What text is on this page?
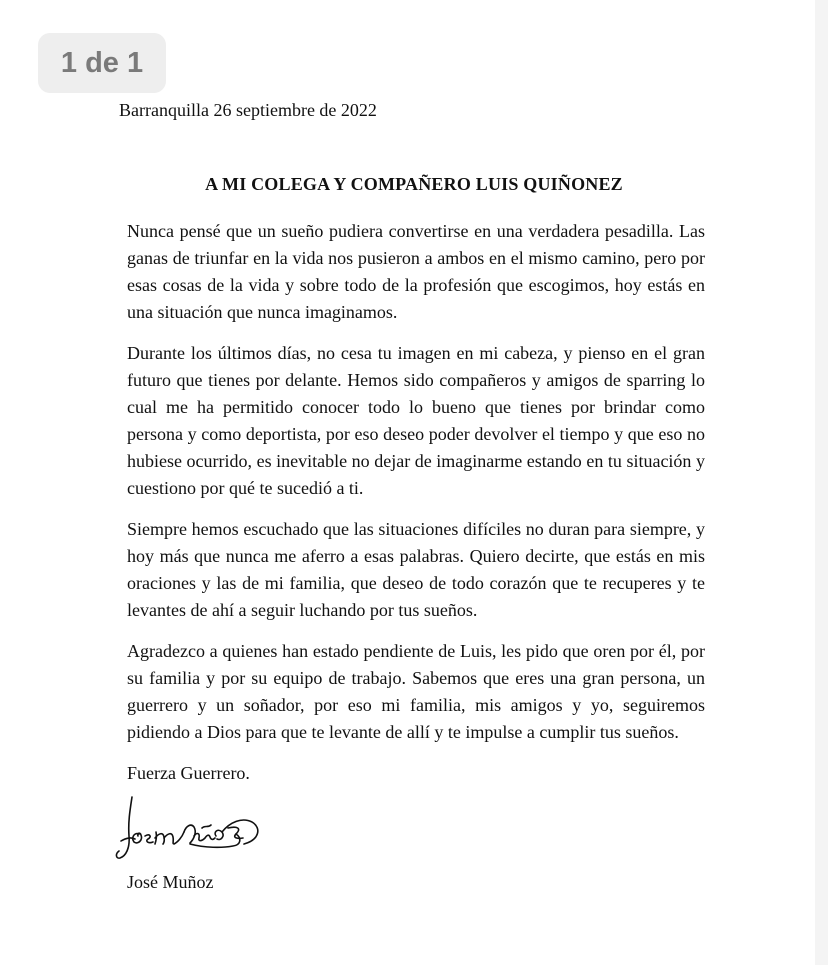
1 de 1
Barranquilla 26 septiembre de 2022
A MI COLEGA Y COMPAÑERO LUIS QUIÑONEZ

Nunca pensé que un sueño pudiera convertirse en una verdadera pesadilla. Las ganas de triunfar en la vida nos pusieron a ambos en el mismo camino, pero por esas cosas de la vida y sobre todo de la profesión que escogimos, hoy estás en una situación que nunca imaginamos.

Durante los últimos días, no cesa tu imagen en mi cabeza, y pienso en el gran futuro que tienes por delante. Hemos sido compañeros y amigos de sparring lo cual me ha permitido conocer todo lo bueno que tienes por brindar como persona y como deportista, por eso deseo poder devolver el tiempo y que eso no hubiese ocurrido, es inevitable no dejar de imaginarme estando en tu situación y cuestiono por qué te sucedió a ti.

Siempre hemos escuchado que las situaciones difíciles no duran para siempre, y hoy más que nunca me aferro a esas palabras. Quiero decirte, que estás en mis oraciones y las de mi familia, que deseo de todo corazón que te recuperes y te levantes de ahí a seguir luchando por tus sueños.

Agradezco a quienes han estado pendiente de Luis, les pido que oren por él, por su familia y por su equipo de trabajo. Sabemos que eres una gran persona, un guerrero y un soñador, por eso mi familia, mis amigos y yo, seguiremos pidiendo a Dios para que te levante de allí y te impulse a cumplir tus sueños.

Fuerza Guerrero.

José Muñoz
